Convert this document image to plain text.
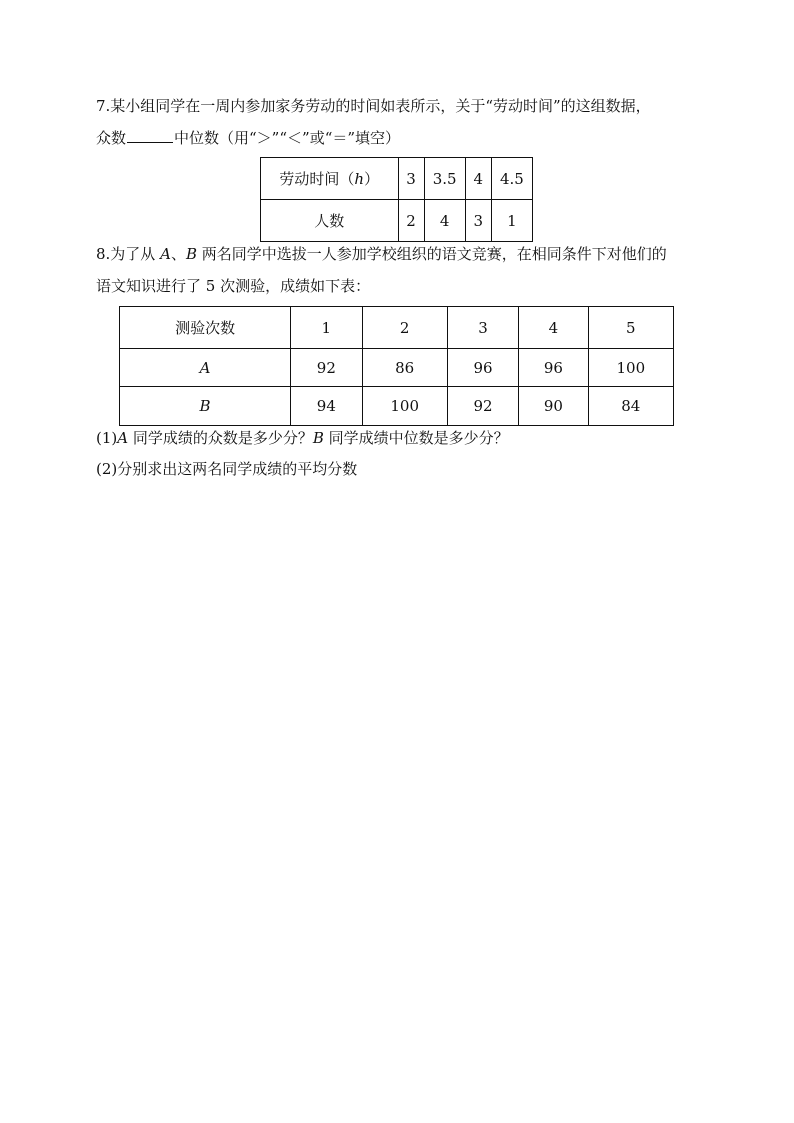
7.某小组同学在一周内参加家务劳动的时间如表所示，关于“劳动时间”的这组数据，
众数	中位数（用“＞”“＜”或“＝”填空）
劳动时间（h）	3	3.5	4	4.5
人数	2	4	3	1
8.为了从 A、B 两名同学中选拔一人参加学校组织的语文竞赛，在相同条件下对他们的
语文知识进行了 5 次测验，成绩如下表：
测验次数	1	2	3	4	5
A	92	86	96	96	100
B	94	100	92	90	84
(1)A 同学成绩的众数是多少分？B 同学成绩中位数是多少分？
(2)分别求出这两名同学成绩的平均分数
